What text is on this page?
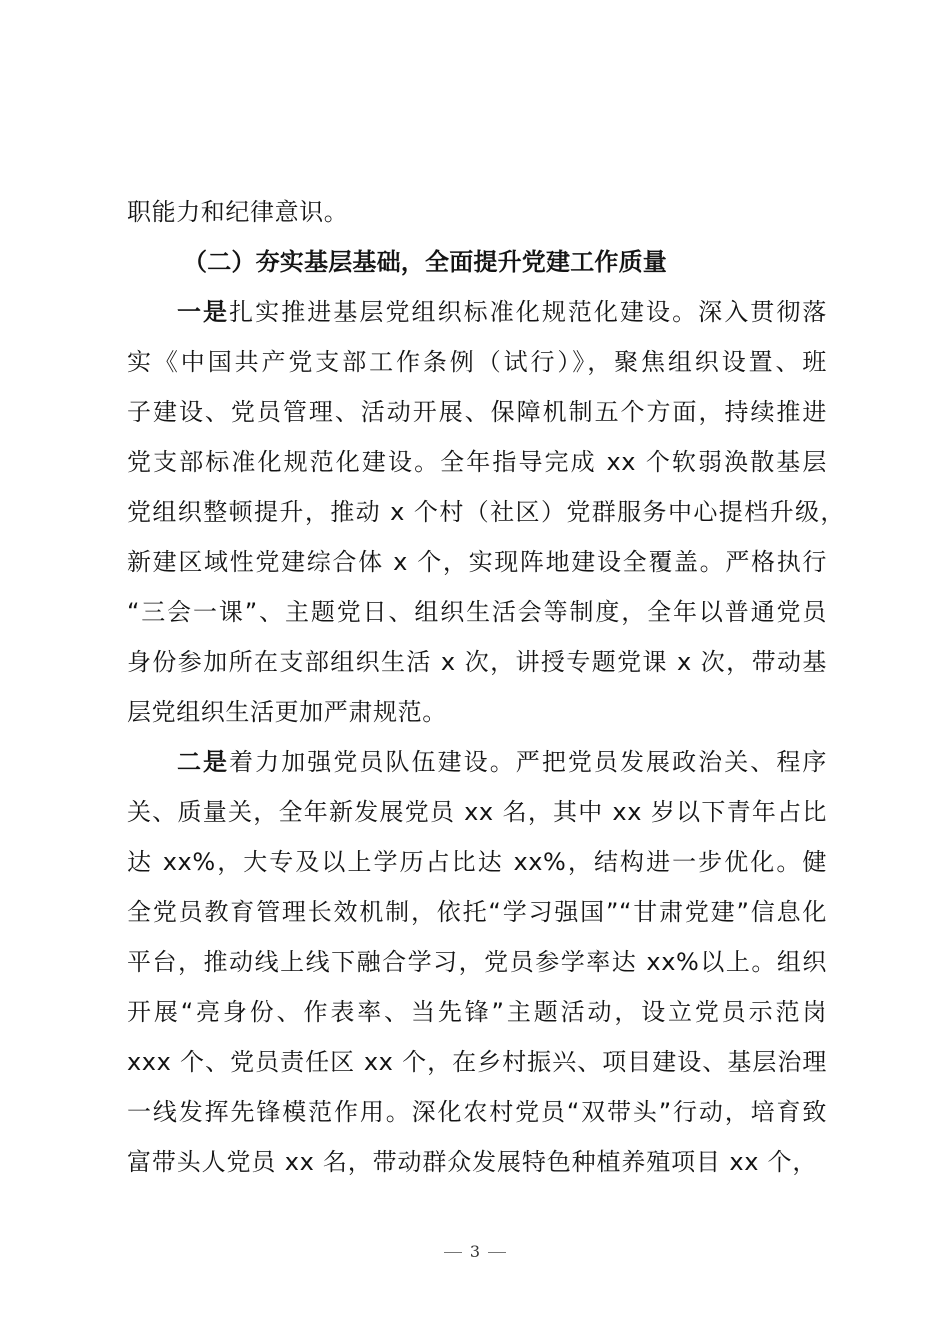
职能力和纪律意识。
（二）夯实基层基础，全面提升党建工作质量
一是扎实推进基层党组织标准化规范化建设。深入贯彻落
实《中国共产党支部工作条例（试行）》，聚焦组织设置、班
子建设、党员管理、活动开展、保障机制五个方面，持续推进
党支部标准化规范化建设。全年指导完成 xx 个软弱涣散基层
党组织整顿提升，推动 x 个村（社区）党群服务中心提档升级，
新建区域性党建综合体 x 个，实现阵地建设全覆盖。严格执行
“三会一课”、主题党日、组织生活会等制度，全年以普通党员
身份参加所在支部组织生活 x 次，讲授专题党课 x 次，带动基
层党组织生活更加严肃规范。
二是着力加强党员队伍建设。严把党员发展政治关、程序
关、质量关，全年新发展党员 xx 名，其中 xx 岁以下青年占比
达 xx%，大专及以上学历占比达 xx%，结构进一步优化。健
全党员教育管理长效机制，依托“学习强国”“甘肃党建”信息化
平台，推动线上线下融合学习，党员参学率达 xx%以上。组织
开展“亮身份、作表率、当先锋”主题活动，设立党员示范岗
xxx 个、党员责任区 xx 个，在乡村振兴、项目建设、基层治理
一线发挥先锋模范作用。深化农村党员“双带头”行动，培育致
富带头人党员 xx 名，带动群众发展特色种植养殖项目 xx 个，
3
